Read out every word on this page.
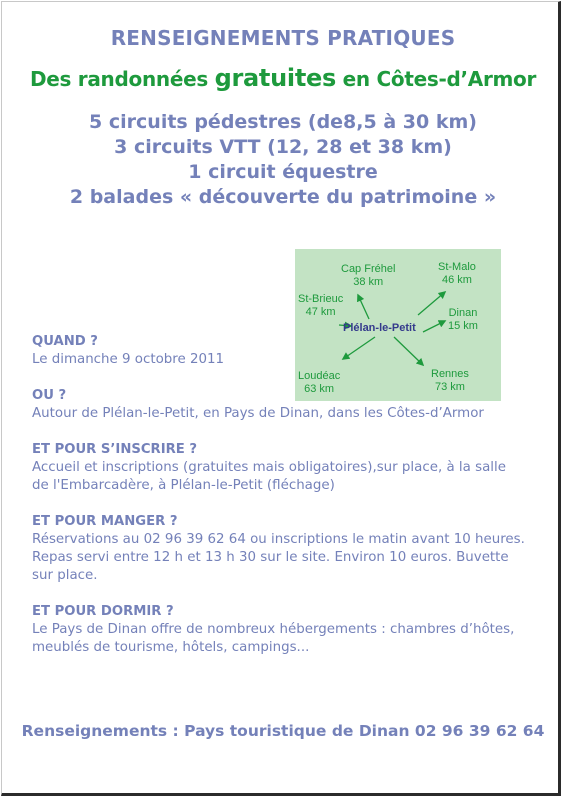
RENSEIGNEMENTS PRATIQUES
Des randonnées gratuites en Côtes-d’Armor
5 circuits pédestres (de8,5 à 30 km)
3 circuits VTT (12, 28 et 38 km)
1 circuit équestre
2 balades « découverte du patrimoine »
Cap Fréhel
38 km
St-Malo
46 km
St-Brieuc
47 km	Dinan
15 km
Loudéac
63 km
Rennes
73 km
Plélan-le-Petit
QUAND ?

Le dimanche 9 octobre 2011

OU ?

Autour de Plélan-le-Petit, en Pays de Dinan, dans les Côtes-d’Armor

ET POUR S’INSCRIRE ?

Accueil et inscriptions (gratuites mais obligatoires),sur place, à la salle

de l'Embarcadère, à Plélan-le-Petit (fléchage)

ET POUR MANGER ?

Réservations au 02 96 39 62 64 ou inscriptions le matin avant 10 heures.

Repas servi entre 12 h et 13 h 30 sur le site. Environ 10 euros. Buvette

sur place.

ET POUR DORMIR ?

Le Pays de Dinan offre de nombreux hébergements : chambres d’hôtes,

meublés de tourisme, hôtels, campings...

Renseignements : Pays touristique de Dinan 02 96 39 62 64
